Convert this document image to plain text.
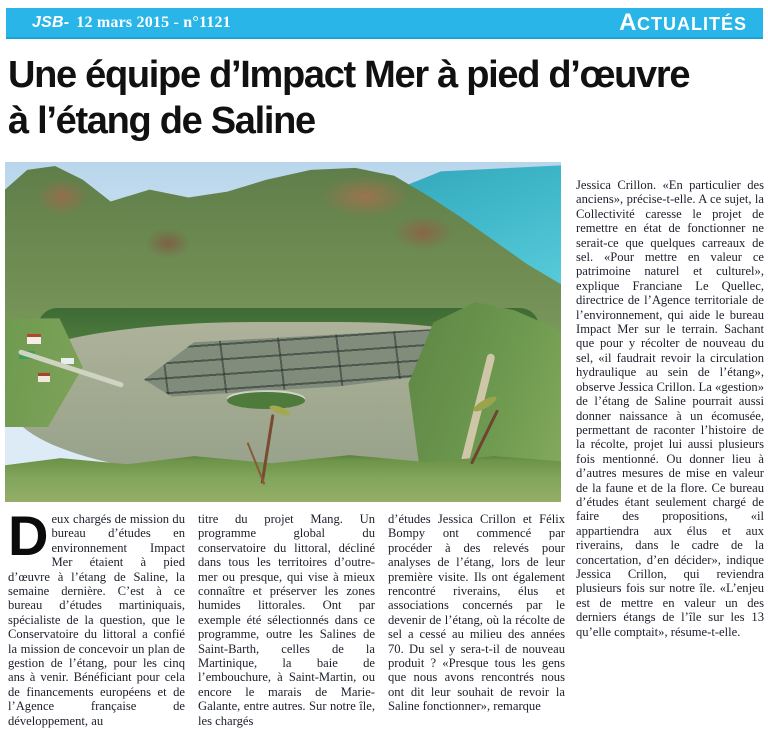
JSB- 12 mars 2015 - n°1121	A CTUALITÉS
Une équipe d’Impact Mer à pied d’œuvre
à l’étang de Saline

Jessica Crillon. «En particulier des anciens», précise-t-elle. A ce sujet, la Collectivité caresse le projet de remettre en état de fonctionner ne serait-ce que quelques carreaux de sel. «Pour mettre en valeur ce patrimoine naturel et culturel», explique Franciane Le Quellec, directrice de l’Agence territoriale de l’environnement, qui aide le bureau Impact Mer sur le terrain. Sachant que pour y récolter de nouveau du sel, «il faudrait revoir la circulation hydraulique au sein de l’étang», observe Jessica Crillon. La «gestion» de l’étang de Saline pourrait aussi donner naissance à un écomusée, permettant de raconter l’histoire de la récolte, projet lui aussi plusieurs fois mentionné. Ou donner lieu à d’autres mesures de mise en valeur de la faune et de la flore. Ce bureau d’études étant seulement chargé de faire des propositions, «il appartiendra aux élus et aux riverains, dans le cadre de la concertation, d’en décider», indique Jessica Crillon, qui reviendra plusieurs fois sur notre île. «L’enjeu est de mettre en valeur un des derniers étangs de l’île sur les 13 qu’elle comptait», résume-t-elle.

Deux chargés de mission du bureau d’études en environnement Impact Mer étaient à pied d’œuvre à l’étang de Saline, la semaine dernière. C’est à ce bureau d’études martiniquais, spécialiste de la question, que le Conservatoire du littoral a confié la mission de concevoir un plan de gestion de l’étang, pour les cinq ans à venir. Bénéficiant pour cela de financements européens et de l’Agence française de développement, au

titre du projet Mang. Un programme global du conservatoire du littoral, décliné dans tous les territoires d’outre-mer ou presque, qui vise à mieux connaître et préserver les zones humides littorales. Ont par exemple été sélectionnés dans ce programme, outre les Salines de Saint-Barth, celles de la Martinique, la baie de l’embouchure, à Saint-Martin, ou encore le marais de Marie-Galante, entre autres. Sur notre île, les chargés

d’études Jessica Crillon et Félix Bompy ont commencé par procéder à des relevés pour analyses de l’étang, lors de leur première visite. Ils ont également rencontré riverains, élus et associations concernés par le devenir de l’étang, où la récolte de sel a cessé au milieu des années 70. Du sel y sera-t-il de nouveau produit ? «Presque tous les gens que nous avons rencontrés nous ont dit leur souhait de revoir la Saline fonctionner», remarque
